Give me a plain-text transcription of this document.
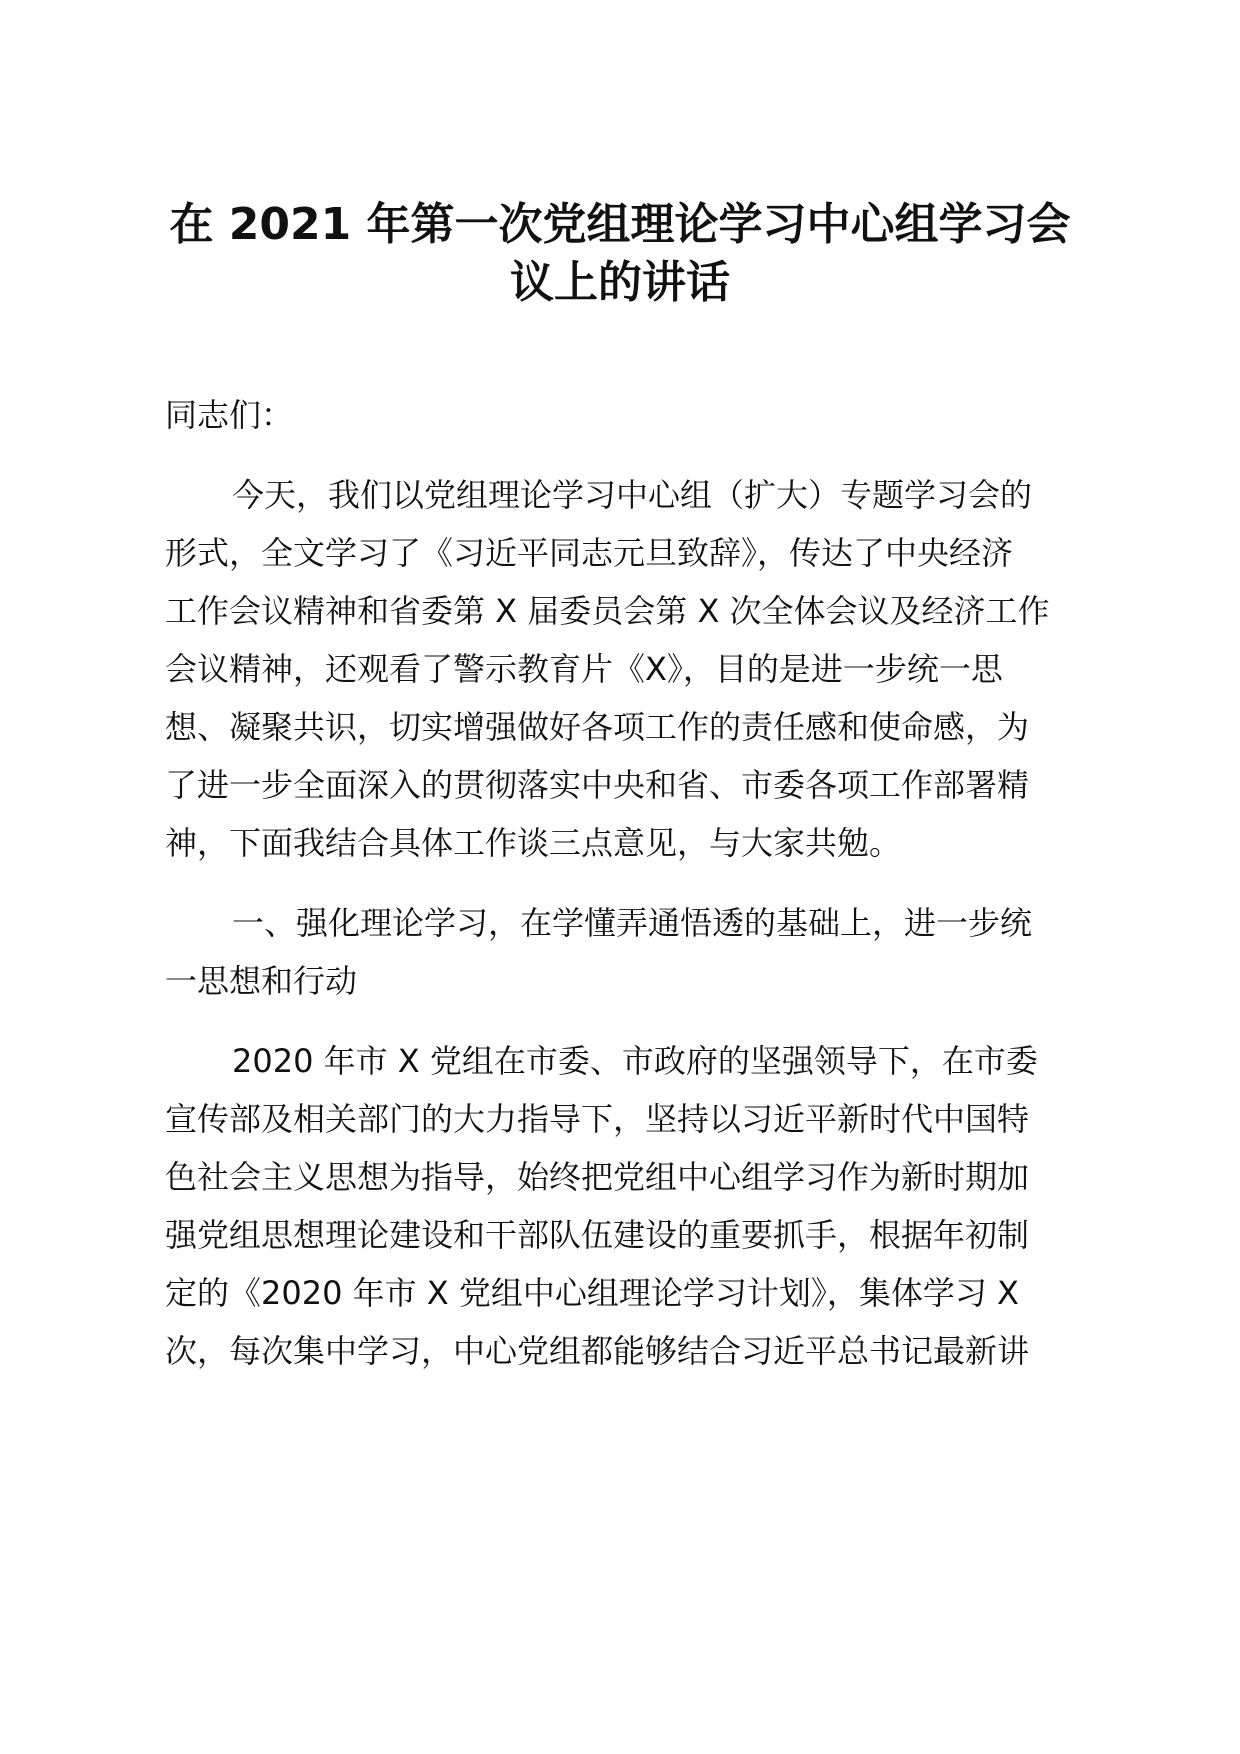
在 2021 年第一次党组理论学习中心组学习会
议上的讲话
同志们：
今天，我们以党组理论学习中心组（扩大）专题学习会的
形式，全文学习了《习近平同志元旦致辞》，传达了中央经济
工作会议精神和省委第 X 届委员会第 X 次全体会议及经济工作
会议精神，还观看了警示教育片《X》，目的是进一步统一思
想、凝聚共识，切实增强做好各项工作的责任感和使命感，为
了进一步全面深入的贯彻落实中央和省、市委各项工作部署精
神，下面我结合具体工作谈三点意见，与大家共勉。
一、强化理论学习，在学懂弄通悟透的基础上，进一步统
一思想和行动
2020 年市 X 党组在市委、市政府的坚强领导下，在市委
宣传部及相关部门的大力指导下，坚持以习近平新时代中国特
色社会主义思想为指导，始终把党组中心组学习作为新时期加
强党组思想理论建设和干部队伍建设的重要抓手，根据年初制
定的《2020 年市 X 党组中心组理论学习计划》，集体学习 X
次，每次集中学习，中心党组都能够结合习近平总书记最新讲
